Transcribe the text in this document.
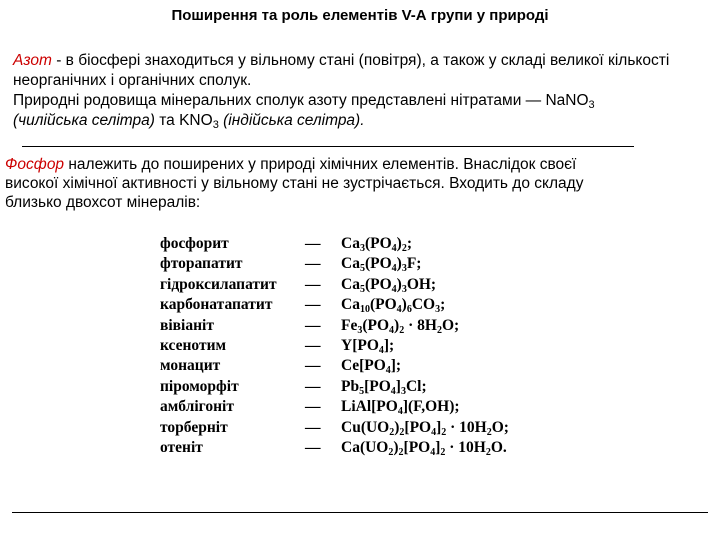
Поширення та роль елементів V-А групи у природі

Азот - в біосфері знаходиться у вільному стані (повітря), а також у складі великої кількості неорганічних і органічних сполук.

Природні родовища мінеральних сполук азоту представлені нітратами — NaNO$_3$
(чилійська селітра) та $KNO_3$ (індійська селітра).

Фосфор належить до поширених у природі хімічних елементів. Внаслідок своєї
високої хімічної активності у вільному стані не зустрічається. Входить до складу
близько двохсот мінералів:
фосфорит	—	$Ca_3(PO_4)_2$;
фторапатит	—	$Ca_5(PO_4)_3F$;
гідроксилапатит	—	$Ca_5(PO_4)_3OH$;
карбонатапатит	—	$Ca_{10}(PO_4)_6CO_3$;
вівіаніт	—	$Fe_3(PO_4)_2 \cdot 8H_2O$;
ксенотим	—	$Y[PO_4]$;
монацит	—	$Ce[PO_4]$;
піроморфіт	—	$Pb_5[PO_4]_3Cl$;
амблігоніт	—	$LiAl[PO_4](F,OH)$;
торберніт	—	$Cu(UO_2)_2[PO_4]_2 \cdot 10H_2O$;
отеніт	—	$Ca(UO_2)_2[PO_4]_2 \cdot 10H_2O$.
